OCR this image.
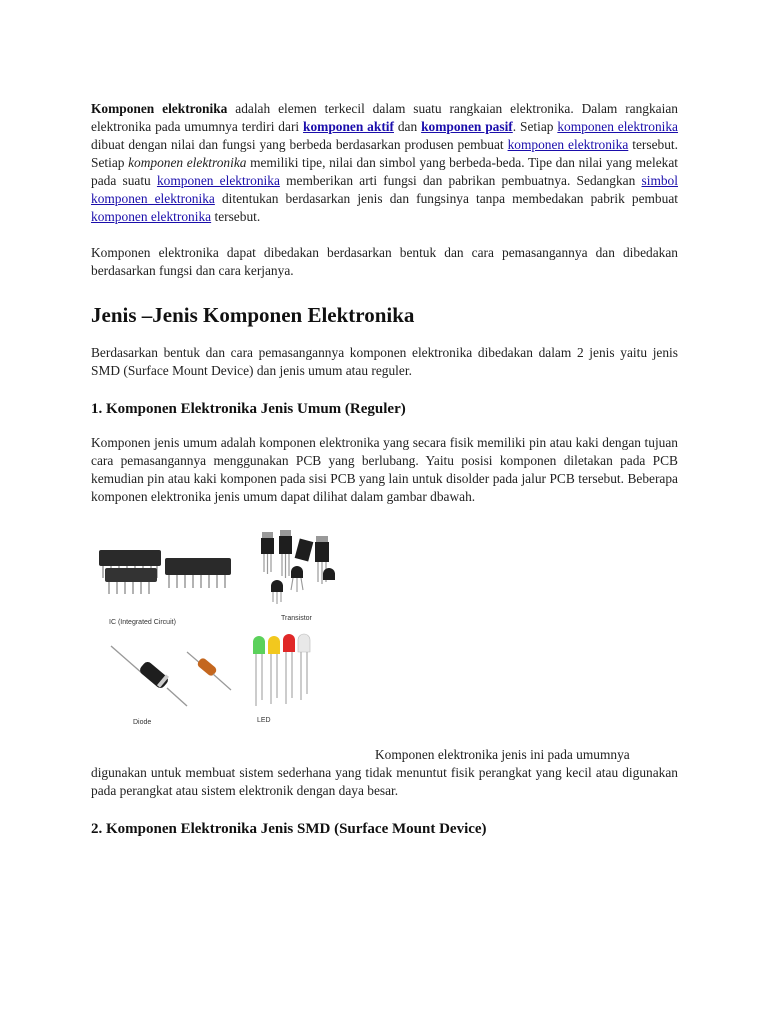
Komponen elektronika adalah elemen terkecil dalam suatu rangkaian elektronika. Dalam rangkaian elektronika pada umumnya terdiri dari komponen aktif dan komponen pasif. Setiap komponen elektronika dibuat dengan nilai dan fungsi yang berbeda berdasarkan produsen pembuat komponen elektronika tersebut. Setiap komponen elektronika memiliki tipe, nilai dan simbol yang berbeda-beda. Tipe dan nilai yang melekat pada suatu komponen elektronika memberikan arti fungsi dan pabrikan pembuatnya. Sedangkan simbol komponen elektronika ditentukan berdasarkan jenis dan fungsinya tanpa membedakan pabrik pembuat komponen elektronika tersebut.

Komponen elektronika dapat dibedakan berdasarkan bentuk dan cara pemasangannya dan dibedakan berdasarkan fungsi dan cara kerjanya.

Jenis –Jenis Komponen Elektronika

Berdasarkan bentuk dan cara pemasangannya komponen elektronika dibedakan dalam 2 jenis yaitu jenis SMD (Surface Mount Device) dan jenis umum atau reguler.

1. Komponen Elektronika Jenis Umum (Reguler)

Komponen jenis umum adalah komponen elektronika yang secara fisik memiliki pin atau kaki dengan tujuan cara pemasangannya menggunakan PCB yang berlubang. Yaitu posisi komponen diletakan pada PCB kemudian pin atau kaki komponen pada sisi PCB yang lain untuk disolder pada jalur PCB tersebut. Beberapa komponen elektronika jenis umum dapat dilihat dalam gambar dbawah.

IC (Integrated Circuit)
Transistor
Diode	LED
Komponen elektronika jenis ini pada umumnya

digunakan untuk membuat sistem sederhana yang tidak menuntut fisik perangkat yang kecil atau digunakan pada perangkat atau sistem elektronik dengan daya besar.

2. Komponen Elektronika Jenis SMD (Surface Mount Device)
